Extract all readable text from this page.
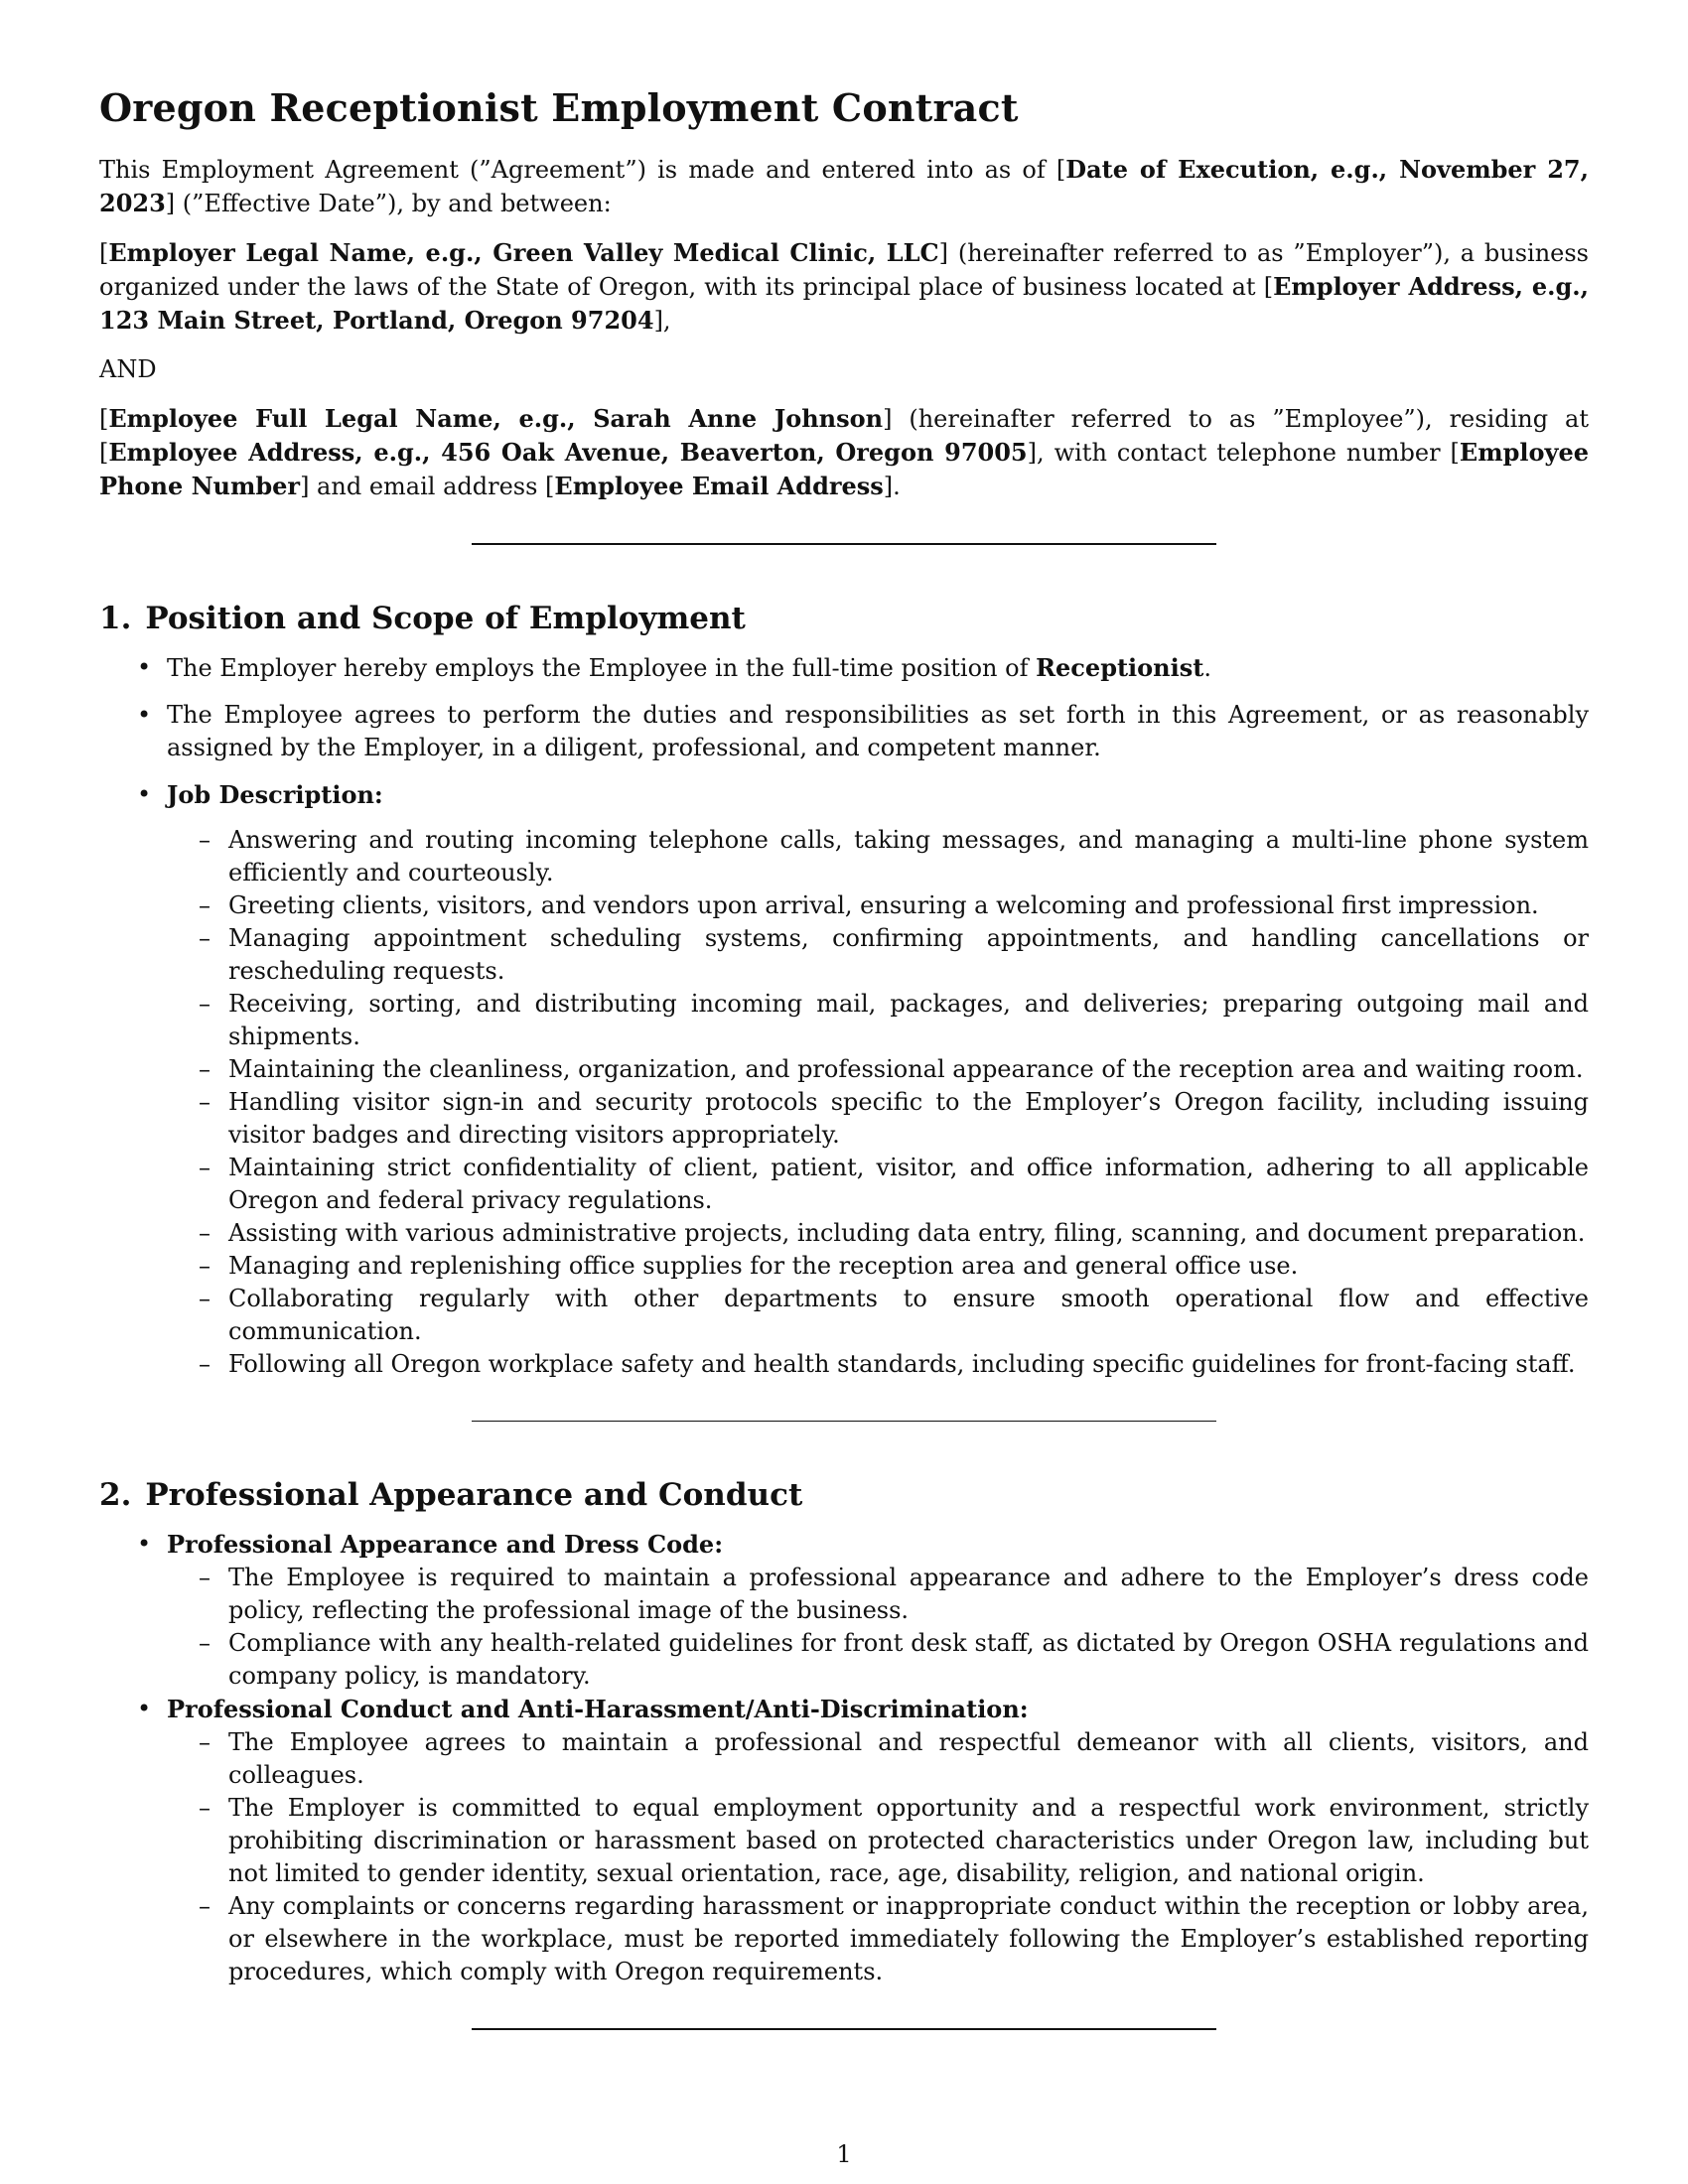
Oregon Receptionist Employment Contract

This Employment Agreement (”Agreement”) is made and entered into as of [Date of Execution, e.g., November 27, 2023] (”Effective Date”), by and between:

[Employer Legal Name, e.g., Green Valley Medical Clinic, LLC] (hereinafter referred to as ”Employer”), a business organized under the laws of the State of Oregon, with its principal place of business located at [Employer Address, e.g., 123 Main Street, Portland, Oregon 97204],

AND

[Employee Full Legal Name, e.g., Sarah Anne Johnson] (hereinafter referred to as ”Employee”), residing at [Employee Address, e.g., 456 Oak Avenue, Beaverton, Oregon 97005], with contact telephone number [Employee Phone Number] and email address [Employee Email Address].

1. Position and Scope of Employment
• The Employer hereby employs the Employee in the full-time position of Receptionist.
• The Employee agrees to perform the duties and responsibilities as set forth in this Agreement, or as reasonably assigned by the Employer, in a diligent, professional, and competent manner.
• Job Description:
– Answering and routing incoming telephone calls, taking messages, and managing a multi-line phone system efficiently and courteously.
– Greeting clients, visitors, and vendors upon arrival, ensuring a welcoming and professional first impression.
– Managing appointment scheduling systems, confirming appointments, and handling cancellations or rescheduling requests.
– Receiving, sorting, and distributing incoming mail, packages, and deliveries; preparing outgoing mail and shipments.
– Maintaining the cleanliness, organization, and professional appearance of the reception area and waiting room.
– Handling visitor sign-in and security protocols specific to the Employer’s Oregon facility, including issuing visitor badges and directing visitors appropriately.
– Maintaining strict confidentiality of client, patient, visitor, and office information, adhering to all applicable Oregon and federal privacy regulations.
– Assisting with various administrative projects, including data entry, filing, scanning, and document preparation.
– Managing and replenishing office supplies for the reception area and general office use.
– Collaborating regularly with other departments to ensure smooth operational flow and effective communication.
– Following all Oregon workplace safety and health standards, including specific guidelines for front-facing staff.
2. Professional Appearance and Conduct
• Professional Appearance and Dress Code:
– The Employee is required to maintain a professional appearance and adhere to the Employer’s dress code policy, reflecting the professional image of the business.
– Compliance with any health-related guidelines for front desk staff, as dictated by Oregon OSHA regulations and company policy, is mandatory.
• Professional Conduct and Anti-Harassment/Anti-Discrimination:
– The Employee agrees to maintain a professional and respectful demeanor with all clients, visitors, and colleagues.
– The Employer is committed to equal employment opportunity and a respectful work environment, strictly prohibiting discrimination or harassment based on protected characteristics under Oregon law, including but not limited to gender identity, sexual orientation, race, age, disability, religion, and national origin.
– Any complaints or concerns regarding harassment or inappropriate conduct within the reception or lobby area, or elsewhere in the workplace, must be reported immediately following the Employer’s established reporting procedures, which comply with Oregon requirements.
1
